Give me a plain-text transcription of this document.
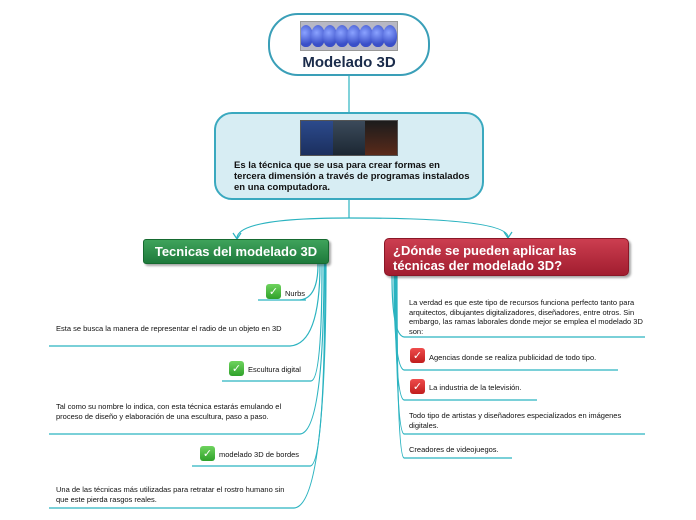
Modelado 3D
Es la técnica que se usa para crear formas en tercera dimensión a través de programas instalados en una computadora.
Tecnicas del modelado 3D	¿Dónde se pueden aplicar las técnicas der modelado 3D?
✓ Nurbs
Esta se busca la manera de representar el radio de un objeto en 3D
✓ Escultura digital
Tal como su nombre lo indica, con esta técnica estarás emulando el proceso de diseño y elaboración de una escultura, paso a paso.
✓ modelado 3D de bordes
Una de las técnicas más utilizadas para retratar el rostro humano sin que este pierda rasgos reales.
La verdad es que este tipo de recursos funciona perfecto tanto para arquitectos, dibujantes digitalizadores, diseñadores, entre otros. Sin embargo, las ramas laborales donde mejor se emplea el modelado 3D son:
✓ Agencias donde se realiza publicidad de todo tipo.
✓ La industria de la televisión.
Todo tipo de artistas y diseñadores especializados en imágenes digitales.
Creadores de videojuegos.
